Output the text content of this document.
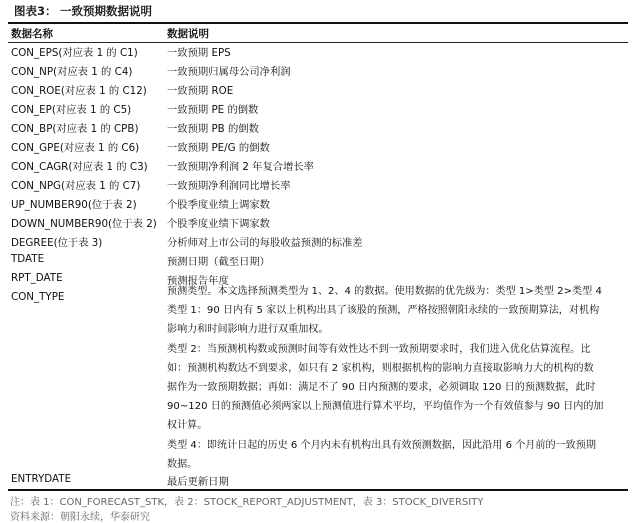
图表3： 一致预期数据说明
数据名称	数据说明
CON_EPS(对应表 1 的 C1)	一致预期 EPS
CON_NP(对应表 1 的 C4)	一致预期归属母公司净利润
CON_ROE(对应表 1 的 C12) 一致预期 ROE
CON_EP(对应表 1 的 C5)	一致预期 PE 的倒数
CON_BP(对应表 1 的 CPB)	一致预期 PB 的倒数
CON_GPE(对应表 1 的 C6)	一致预期 PE/G 的倒数
CON_CAGR(对应表 1 的 C3) 一致预期净利润 2 年复合增长率
CON_NPG(对应表 1 的 C7)	一致预期净利润同比增长率
UP_NUMBER90(位于表 2)	个股季度业绩上调家数
DOWN_NUMBER90(位于表 2) 个股季度业绩下调家数
DEGREE(位于表 3)	分析师对上市公司的每股收益预测的标准差
TDATE	预测日期（截至日期）
RPT_DATE	预测报告年度
CON_TYPE	预测类型。本文选择预测类型为 1、2、4 的数据。使用数据的优先级为：类型 1>类型 2>类型 4

类型 1：90 日内有 5 家以上机构出具了该股的预测，严格按照朝阳永续的一致预期算法，对机构

影响力和时间影响力进行双重加权。

类型 2：当预测机构数或预测时间等有效性达不到一致预期要求时，我们进入优化估算流程。比

如：预测机构数达不到要求，如只有 2 家机构，则根据机构的影响力直接取影响力大的机构的数

据作为一致预期数据；再如：满足不了 90 日内预测的要求，必须调取 120 日的预测数据，此时

90~120 日的预测值必须两家以上预测值进行算术平均，平均值作为一个有效值参与 90 日内的加

权计算。

类型 4：即统计日起的历史 6 个月内未有机构出具有效预测数据，因此沿用 6 个月前的一致预期

数据。

ENTRYDATE	最后更新日期
注：表 1：CON_FORECAST_STK，表 2：STOCK_REPORT_ADJUSTMENT，表 3：STOCK_DIVERSITY
资料来源：朝阳永续，华泰研究
